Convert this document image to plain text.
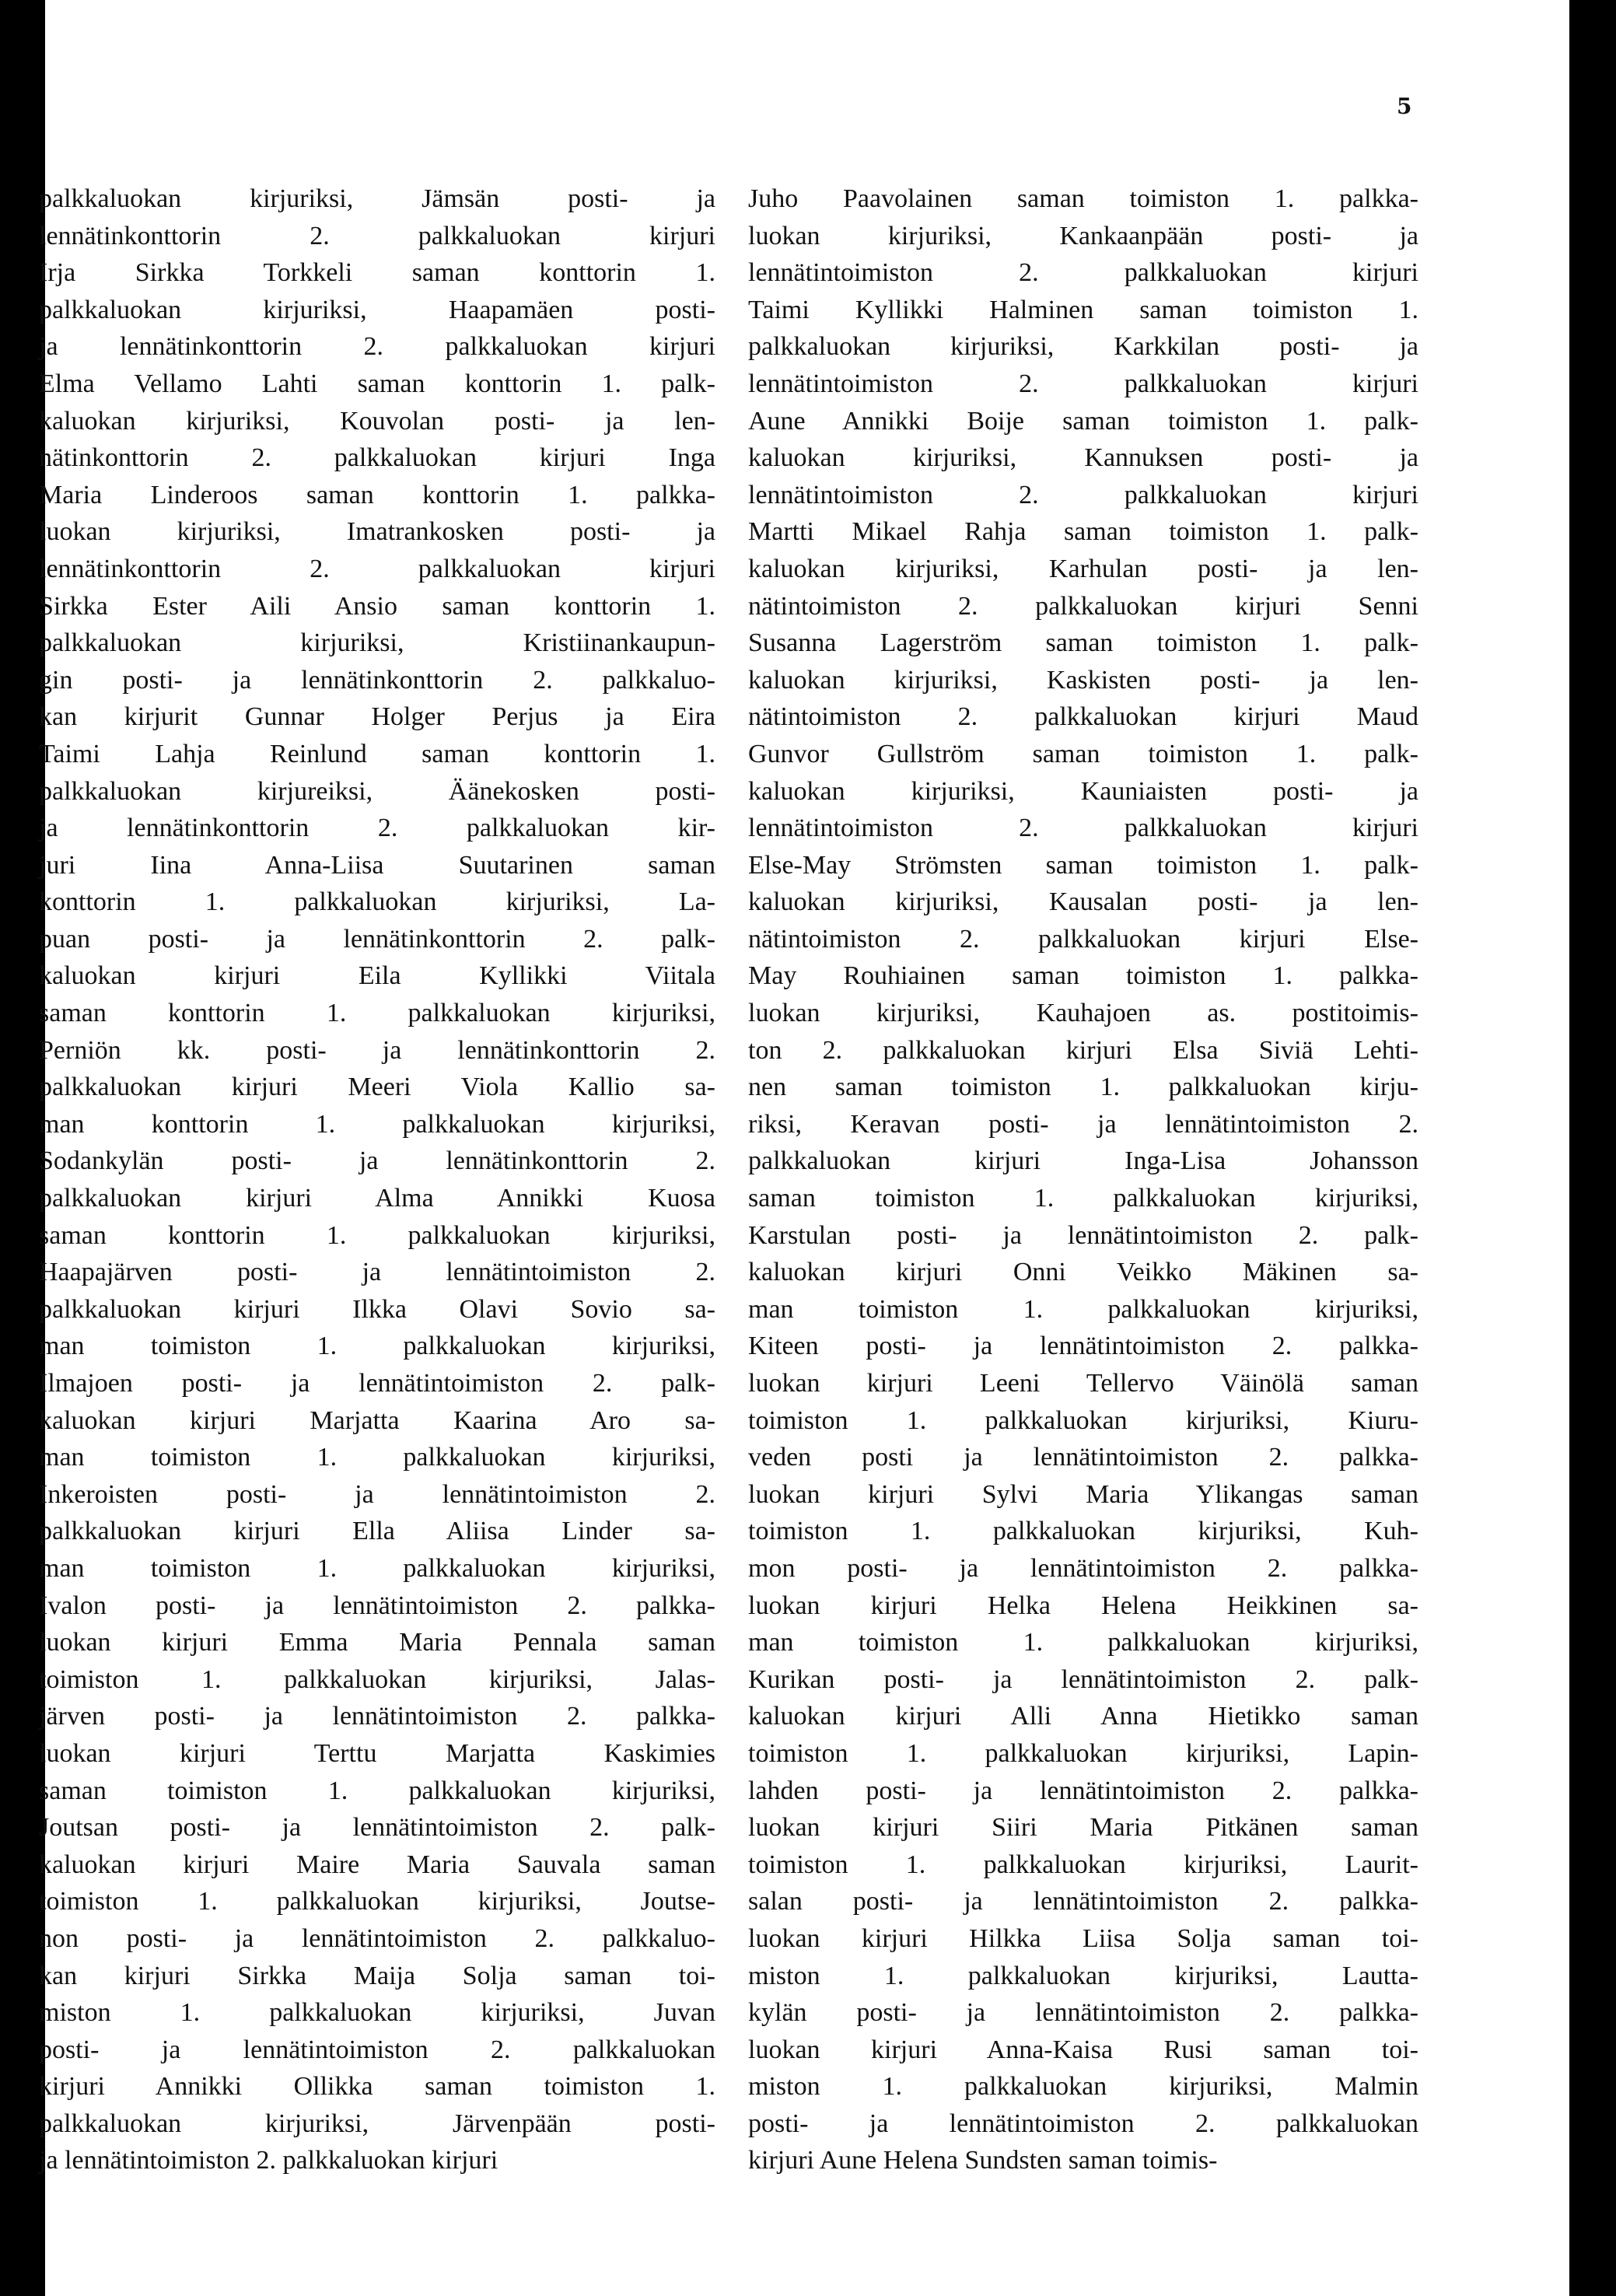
5
palkkaluokan kirjuriksi, Jämsän posti- ja
lennätinkonttorin 2. palkkaluokan kirjuri
Irja Sirkka Torkkeli saman konttorin 1.
palkkaluokan kirjuriksi, Haapamäen posti-
ja lennätinkonttorin 2. palkkaluokan kirjuri
Elma Vellamo Lahti saman konttorin 1. palk-
kaluokan kirjuriksi, Kouvolan posti- ja len-
nätinkonttorin 2. palkkaluokan kirjuri Inga
Maria Linderoos saman konttorin 1. palkka-
luokan kirjuriksi, Imatrankosken posti- ja
lennätinkonttorin 2. palkkaluokan kirjuri
Sirkka Ester Aili Ansio saman konttorin 1.
palkkaluokan kirjuriksi, Kristiinankaupun-
gin posti- ja lennätinkonttorin 2. palkkaluo-
kan kirjurit Gunnar Holger Perjus ja Eira
Taimi Lahja Reinlund saman konttorin 1.
palkkaluokan kirjureiksi, Äänekosken posti-
ja lennätinkonttorin 2. palkkaluokan kir-
juri Iina Anna-Liisa Suutarinen saman
konttorin 1. palkkaluokan kirjuriksi, La-
puan posti- ja lennätinkonttorin 2. palk-
kaluokan kirjuri Eila Kyllikki Viitala
saman konttorin 1. palkkaluokan kirjuriksi,
Perniön kk. posti- ja lennätinkonttorin 2.
palkkaluokan kirjuri Meeri Viola Kallio sa-
man konttorin 1. palkkaluokan kirjuriksi,
Sodankylän posti- ja lennätinkonttorin 2.
palkkaluokan kirjuri Alma Annikki Kuosa
saman konttorin 1. palkkaluokan kirjuriksi,
Haapajärven posti- ja lennätintoimiston 2.
palkkaluokan kirjuri Ilkka Olavi Sovio sa-
man toimiston 1. palkkaluokan kirjuriksi,
Ilmajoen posti- ja lennätintoimiston 2. palk-
kaluokan kirjuri Marjatta Kaarina Aro sa-
man toimiston 1. palkkaluokan kirjuriksi,
Inkeroisten posti- ja lennätintoimiston 2.
palkkaluokan kirjuri Ella Aliisa Linder sa-
man toimiston 1. palkkaluokan kirjuriksi,
Ivalon posti- ja lennätintoimiston 2. palkka-
luokan kirjuri Emma Maria Pennala saman
toimiston 1. palkkaluokan kirjuriksi, Jalas-
järven posti- ja lennätintoimiston 2. palkka-
luokan kirjuri Terttu Marjatta Kaskimies
saman toimiston 1. palkkaluokan kirjuriksi,
Joutsan posti- ja lennätintoimiston 2. palk-
kaluokan kirjuri Maire Maria Sauvala saman
toimiston 1. palkkaluokan kirjuriksi, Joutse-
non posti- ja lennätintoimiston 2. palkkaluo-
kan kirjuri Sirkka Maija Solja saman toi-
miston 1. palkkaluokan kirjuriksi, Juvan
posti- ja lennätintoimiston 2. palkkaluokan
kirjuri Annikki Ollikka saman toimiston 1.
palkkaluokan kirjuriksi, Järvenpään posti-
ja lennätintoimiston 2. palkkaluokan kirjuri
Juho Paavolainen saman toimiston 1. palkka-
luokan kirjuriksi, Kankaanpään posti- ja
lennätintoimiston 2. palkkaluokan kirjuri
Taimi Kyllikki Halminen saman toimiston 1.
palkkaluokan kirjuriksi, Karkkilan posti- ja
lennätintoimiston 2. palkkaluokan kirjuri
Aune Annikki Boije saman toimiston 1. palk-
kaluokan kirjuriksi, Kannuksen posti- ja
lennätintoimiston 2. palkkaluokan kirjuri
Martti Mikael Rahja saman toimiston 1. palk-
kaluokan kirjuriksi, Karhulan posti- ja len-
nätintoimiston 2. palkkaluokan kirjuri Senni
Susanna Lagerström saman toimiston 1. palk-
kaluokan kirjuriksi, Kaskisten posti- ja len-
nätintoimiston 2. palkkaluokan kirjuri Maud
Gunvor Gullström saman toimiston 1. palk-
kaluokan kirjuriksi, Kauniaisten posti- ja
lennätintoimiston 2. palkkaluokan kirjuri
Else-May Strömsten saman toimiston 1. palk-
kaluokan kirjuriksi, Kausalan posti- ja len-
nätintoimiston 2. palkkaluokan kirjuri Else-
May Rouhiainen saman toimiston 1. palkka-
luokan kirjuriksi, Kauhajoen as. postitoimis-
ton 2. palkkaluokan kirjuri Elsa Siviä Lehti-
nen saman toimiston 1. palkkaluokan kirju-
riksi, Keravan posti- ja lennätintoimiston 2.
palkkaluokan kirjuri Inga-Lisa Johansson
saman toimiston 1. palkkaluokan kirjuriksi,
Karstulan posti- ja lennätintoimiston 2. palk-
kaluokan kirjuri Onni Veikko Mäkinen sa-
man toimiston 1. palkkaluokan kirjuriksi,
Kiteen posti- ja lennätintoimiston 2. palkka-
luokan kirjuri Leeni Tellervo Väinölä saman
toimiston 1. palkkaluokan kirjuriksi, Kiuru-
veden posti ja lennätintoimiston 2. palkka-
luokan kirjuri Sylvi Maria Ylikangas saman
toimiston 1. palkkaluokan kirjuriksi, Kuh-
mon posti- ja lennätintoimiston 2. palkka-
luokan kirjuri Helka Helena Heikkinen sa-
man toimiston 1. palkkaluokan kirjuriksi,
Kurikan posti- ja lennätintoimiston 2. palk-
kaluokan kirjuri Alli Anna Hietikko saman
toimiston 1. palkkaluokan kirjuriksi, Lapin-
lahden posti- ja lennätintoimiston 2. palkka-
luokan kirjuri Siiri Maria Pitkänen saman
toimiston 1. palkkaluokan kirjuriksi, Laurit-
salan posti- ja lennätintoimiston 2. palkka-
luokan kirjuri Hilkka Liisa Solja saman toi-
miston 1. palkkaluokan kirjuriksi, Lautta-
kylän posti- ja lennätintoimiston 2. palkka-
luokan kirjuri Anna-Kaisa Rusi saman toi-
miston 1. palkkaluokan kirjuriksi, Malmin
posti- ja lennätintoimiston 2. palkkaluokan
kirjuri Aune Helena Sundsten saman toimis-
